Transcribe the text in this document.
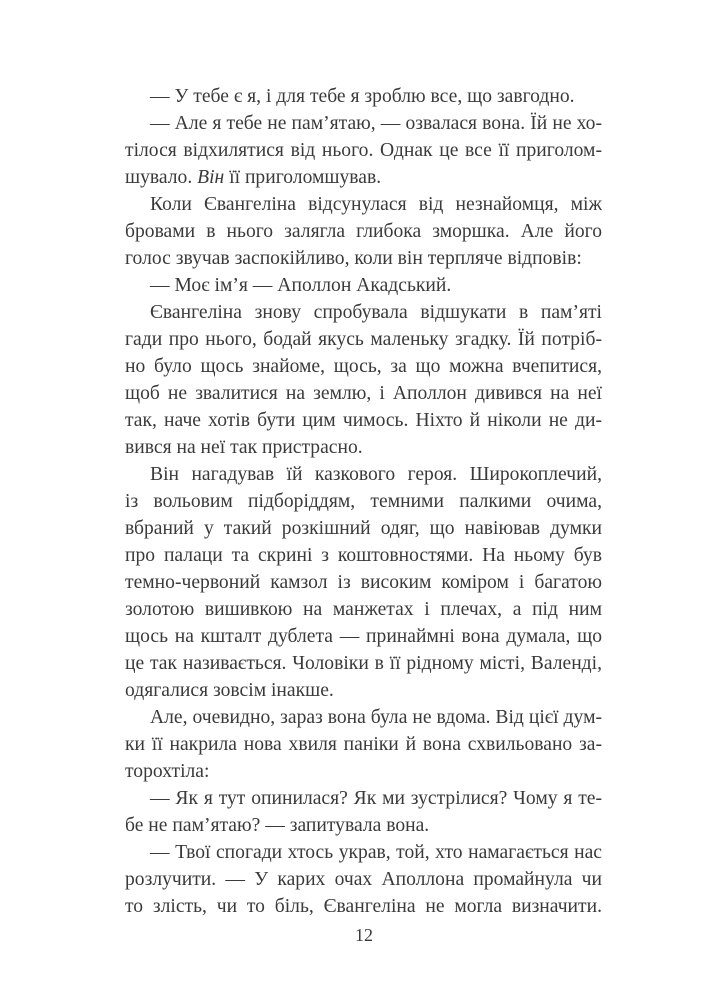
— У тебе є я, і для тебе я зроблю все, що завгодно.
— Але я тебе не пам’ятаю, — озвалася вона. Їй не хо-
тілося відхилятися від нього. Однак це все її приголом-
шувало. Він її приголомшував.
Коли Євангеліна відсунулася від незнайомця, між
бровами в нього залягла глибока зморшка. Але його
голос звучав заспокійливо, коли він терпляче відповів:
— Моє ім’я — Аполлон Акадський.
Євангеліна знову спробувала відшукати в пам’яті
гади про нього, бодай якусь маленьку згадку. Їй потріб-
но було щось знайоме, щось, за що можна вчепитися,
щоб не звалитися на землю, і Аполлон дивився на неї
так, наче хотів бути цим чимось. Ніхто й ніколи не ди-
вився на неї так пристрасно.
Він нагадував їй казкового героя. Широкоплечий,
із вольовим підборіддям, темними палкими очима,
вбраний у такий розкішний одяг, що навіював думки
про палаци та скрині з коштовностями. На ньому був
темно-червоний камзол із високим коміром і багатою
золотою вишивкою на манжетах і плечах, а під ним
щось на кшталт дублета — принаймні вона думала, що
це так називається. Чоловіки в її рідному місті, Валенді,
одягалися зовсім інакше.
Але, очевидно, зараз вона була не вдома. Від цієї дум-
ки її накрила нова хвиля паніки й вона схвильовано за-
торохтіла:
— Як я тут опинилася? Як ми зустрілися? Чому я те-
бе не пам’ятаю? — запитувала вона.
— Твої спогади хтось украв, той, хто намагається нас
розлучити. — У карих очах Аполлона промайнула чи
то злість, чи то біль, Євангеліна не могла визначити.
12
